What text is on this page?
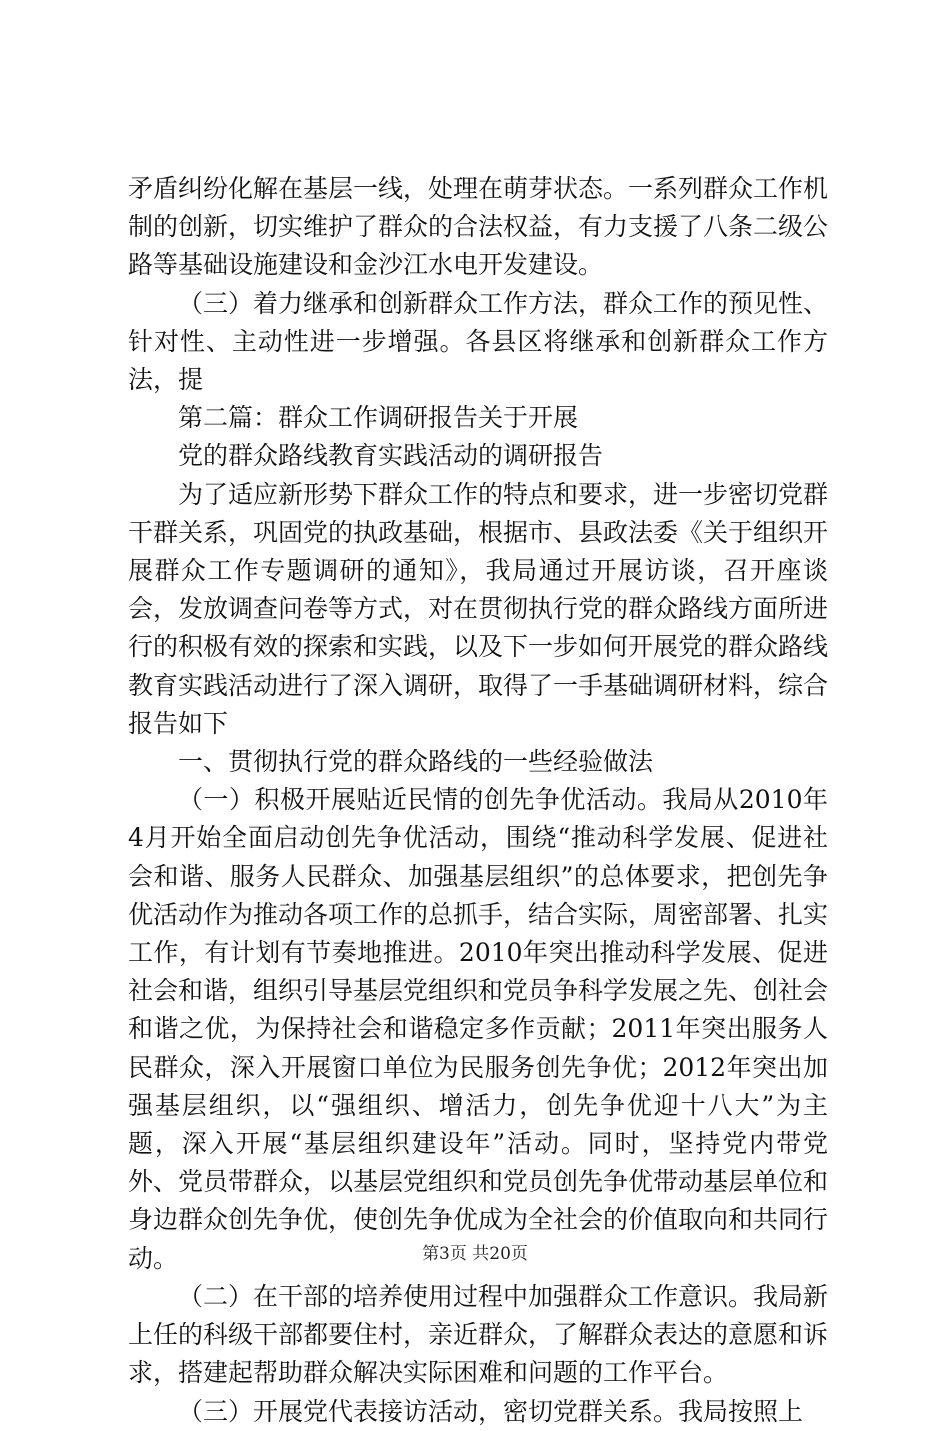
矛盾纠纷化解在基层一线，处理在萌芽状态。一系列群众工作机制的创新，切实维护了群众的合法权益，有力支援了八条二级公路等基础设施建设和金沙江水电开发建设。

（三）着力继承和创新群众工作方法，群众工作的预见性、针对性、主动性进一步增强。各县区将继承和创新群众工作方法，提

第二篇：群众工作调研报告关于开展

党的群众路线教育实践活动的调研报告

为了适应新形势下群众工作的特点和要求，进一步密切党群干群关系，巩固党的执政基础，根据市、县政法委《关于组织开展群众工作专题调研的通知》，我局通过开展访谈，召开座谈会，发放调查问卷等方式，对在贯彻执行党的群众路线方面所进行的积极有效的探索和实践，以及下一步如何开展党的群众路线教育实践活动进行了深入调研，取得了一手基础调研材料，综合报告如下

一、贯彻执行党的群众路线的一些经验做法

（一）积极开展贴近民情的创先争优活动。我局从2010年4月开始全面启动创先争优活动，围绕“推动科学发展、促进社会和谐、服务人民群众、加强基层组织”的总体要求，把创先争优活动作为推动各项工作的总抓手，结合实际，周密部署、扎实工作，有计划有节奏地推进。2010年突出推动科学发展、促进社会和谐，组织引导基层党组织和党员争科学发展之先、创社会和谐之优，为保持社会和谐稳定多作贡献；2011年突出服务人民群众，深入开展窗口单位为民服务创先争优；2012年突出加强基层组织，以“强组织、增活力，创先争优迎十八大”为主题，深入开展“基层组织建设年”活动。同时，坚持党内带党外、党员带群众，以基层党组织和党员创先争优带动基层单位和身边群众创先争优，使创先争优成为全社会的价值取向和共同行动。

（二）在干部的培养使用过程中加强群众工作意识。我局新上任的科级干部都要住村，亲近群众，了解群众表达的意愿和诉求，搭建起帮助群众解决实际困难和问题的工作平台。

（三）开展党代表接访活动，密切党群关系。我局按照上

第3页 共20页
